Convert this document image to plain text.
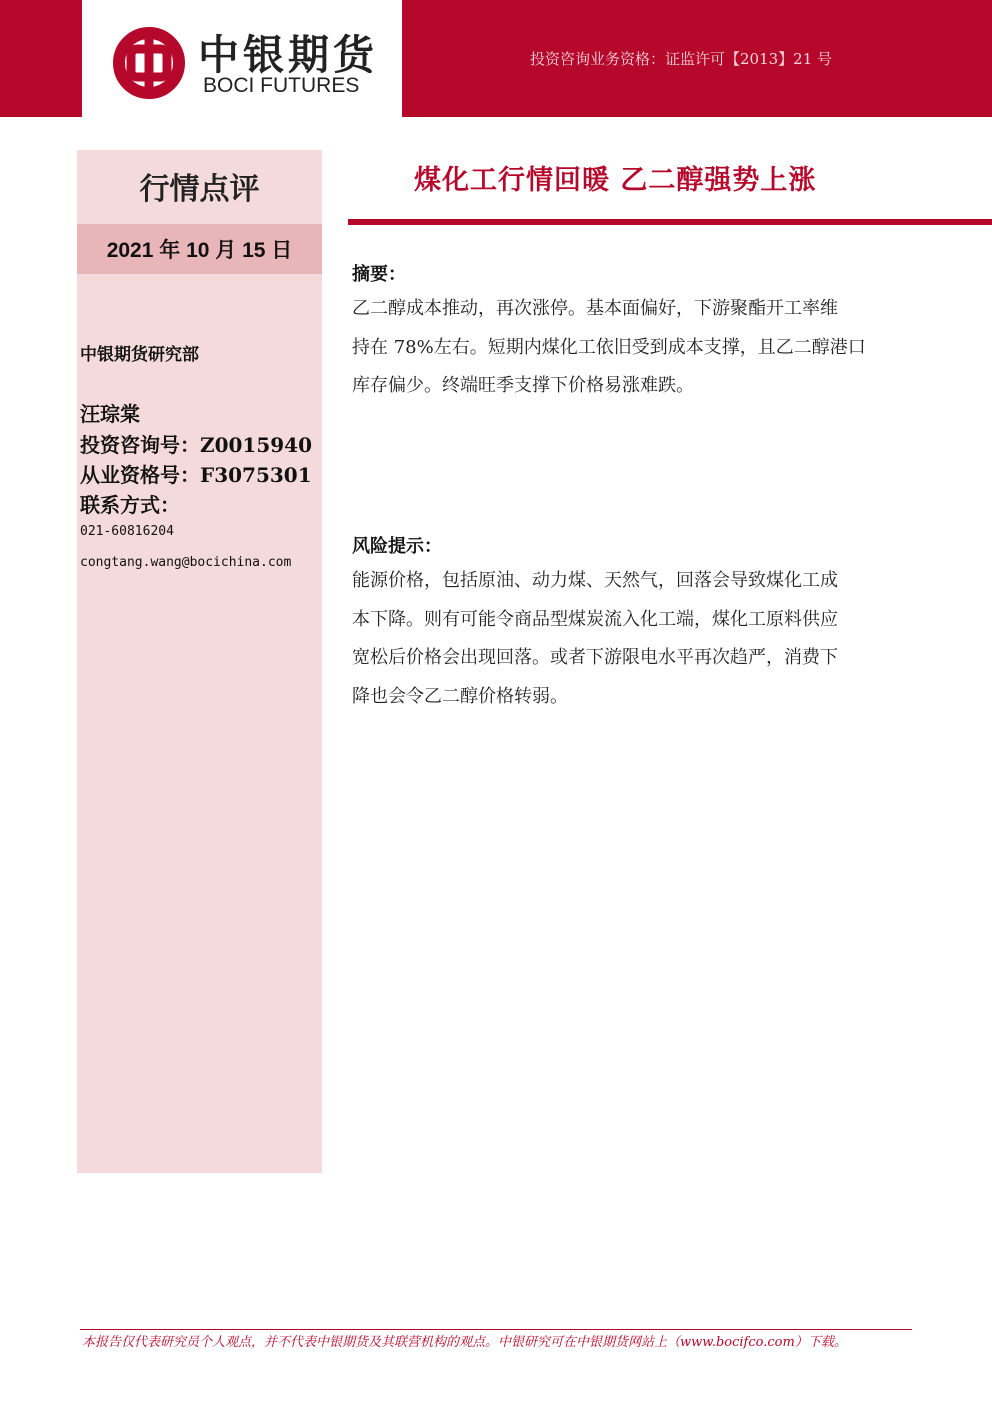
中银期货
BOCI FUTURES
投资咨询业务资格：证监许可【2013】21 号
行情点评
2021 年 10 月 15 日
中银期货研究部
汪琮棠
投资咨询号：Z0015940
从业资格号：F3075301
联系方式：
021-60816204
congtang.wang@bocichina.com
煤化工行情回暖 乙二醇强势上涨
摘要：
乙二醇成本推动，再次涨停。基本面偏好，下游聚酯开工率维
持在 78%左右。短期内煤化工依旧受到成本支撑，且乙二醇港口
库存偏少。终端旺季支撑下价格易涨难跌。
风险提示：
能源价格，包括原油、动力煤、天然气，回落会导致煤化工成
本下降。则有可能令商品型煤炭流入化工端，煤化工原料供应
宽松后价格会出现回落。或者下游限电水平再次趋严，消费下
降也会令乙二醇价格转弱。
本报告仅代表研究员个人观点，并不代表中银期货及其联营机构的观点。中银研究可在中银期货网站上（www.bocifco.com）下载。
